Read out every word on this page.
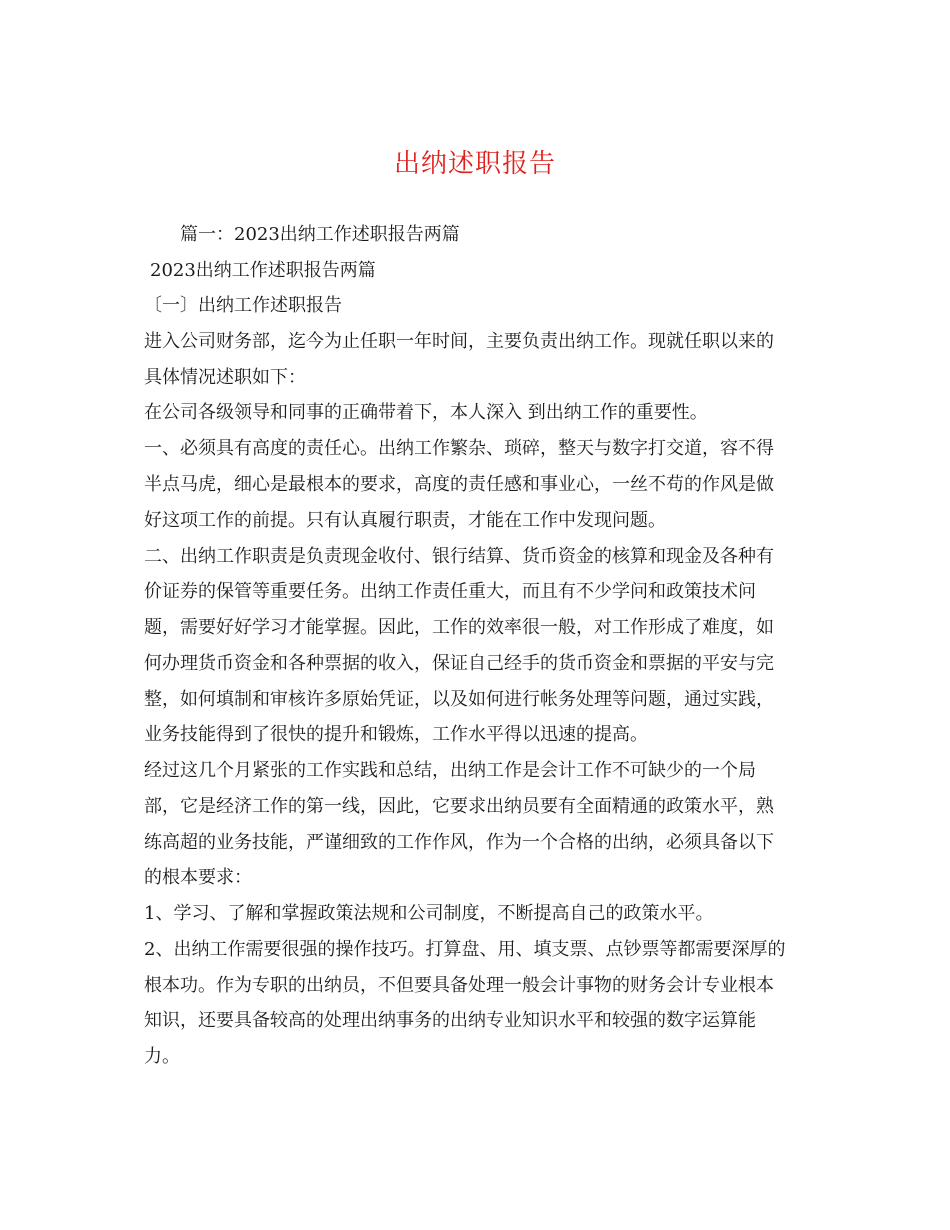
出纳述职报告
篇一：2023出纳工作述职报告两篇
2023出纳工作述职报告两篇
〔一〕出纳工作述职报告
进入公司财务部，迄今为止任职一年时间，主要负责出纳工作。现就任职以来的
具体情况述职如下：
在公司各级领导和同事的正确带着下，本人深入 到出纳工作的重要性。
一、必须具有高度的责任心。出纳工作繁杂、琐碎，整天与数字打交道，容不得
半点马虎，细心是最根本的要求，高度的责任感和事业心，一丝不苟的作风是做
好这项工作的前提。只有认真履行职责，才能在工作中发现问题。
二、出纳工作职责是负责现金收付、银行结算、货币资金的核算和现金及各种有
价证券的保管等重要任务。出纳工作责任重大，而且有不少学问和政策技术问
题，需要好好学习才能掌握。因此，工作的效率很一般，对工作形成了难度，如
何办理货币资金和各种票据的收入，保证自己经手的货币资金和票据的平安与完
整，如何填制和审核许多原始凭证，以及如何进行帐务处理等问题，通过实践，
业务技能得到了很快的提升和锻炼，工作水平得以迅速的提高。
经过这几个月紧张的工作实践和总结，出纳工作是会计工作不可缺少的一个局
部，它是经济工作的第一线，因此，它要求出纳员要有全面精通的政策水平，熟
练高超的业务技能，严谨细致的工作作风，作为一个合格的出纳，必须具备以下
的根本要求：
1、学习、了解和掌握政策法规和公司制度，不断提高自己的政策水平。
2、出纳工作需要很强的操作技巧。打算盘、用、填支票、点钞票等都需要深厚的
根本功。作为专职的出纳员，不但要具备处理一般会计事物的财务会计专业根本
知识，还要具备较高的处理出纳事务的出纳专业知识水平和较强的数字运算能
力。
